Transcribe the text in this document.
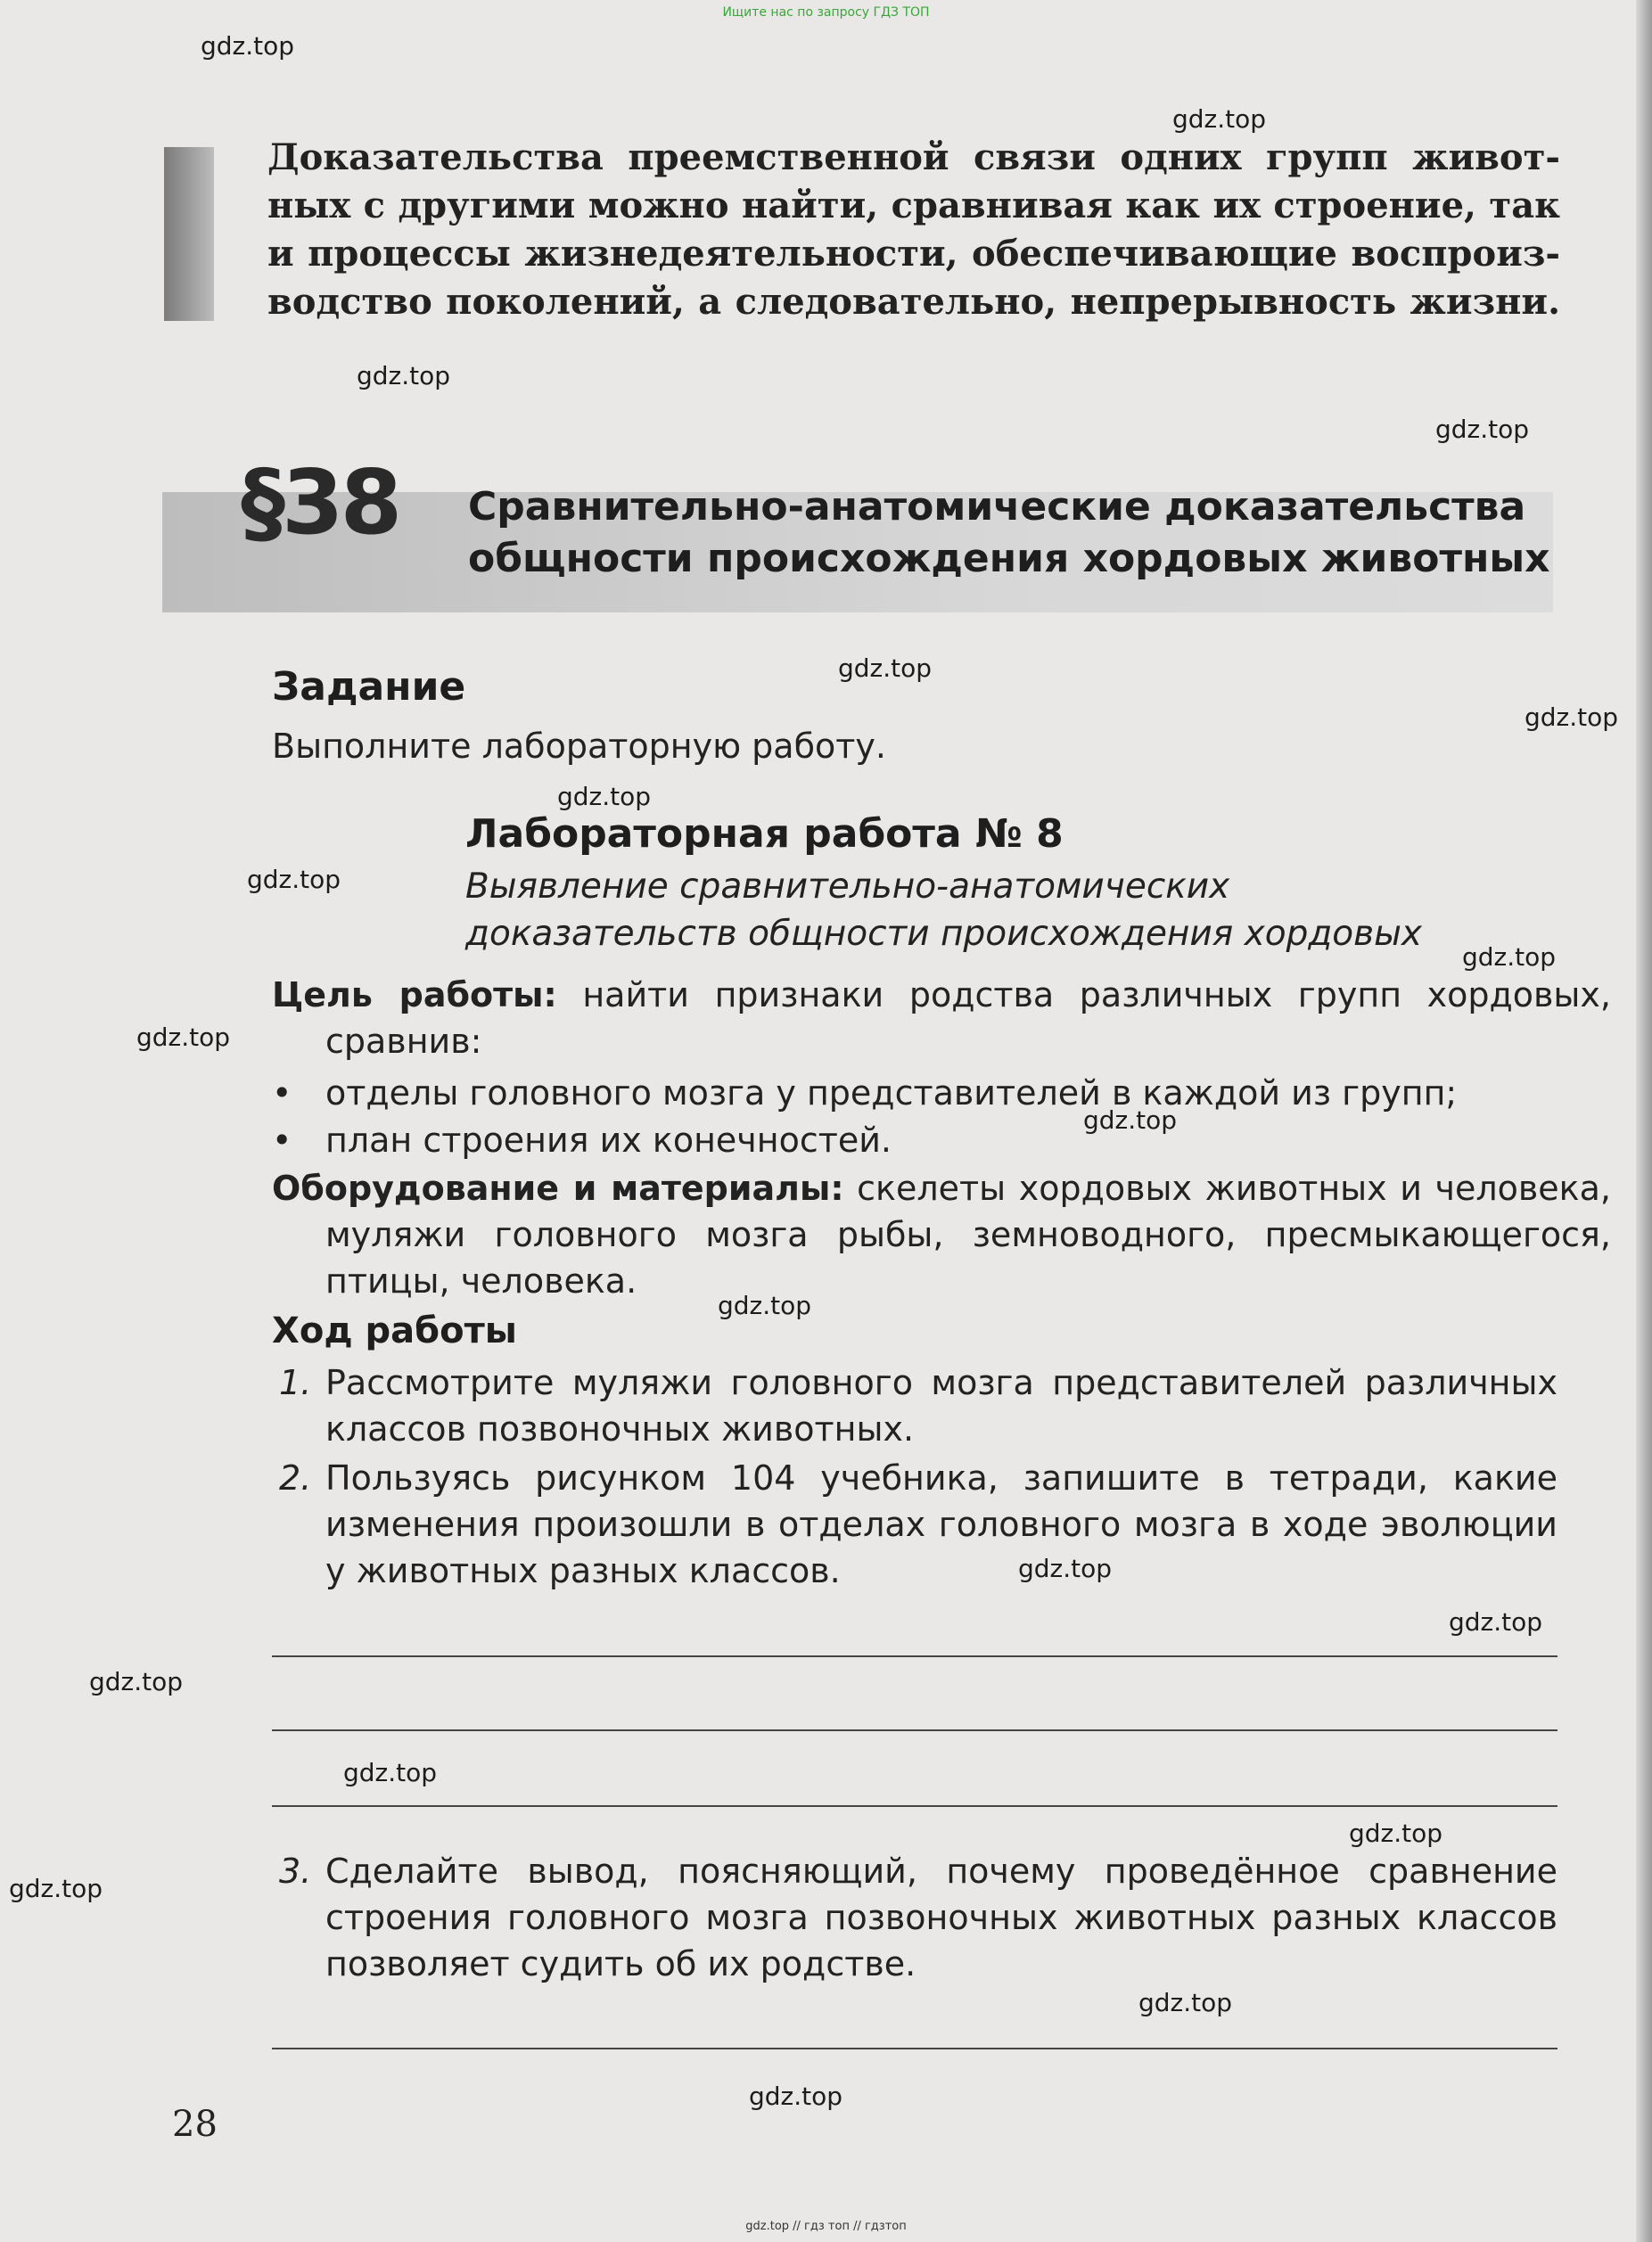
Ищите нас по запросу ГДЗ ТОП
gdz.top
gdz.top
gdz.top
gdz.top
gdz.top
gdz.top
gdz.top
gdz.top
gdz.top
gdz.top
gdz.top
gdz.top
gdz.top
gdz.top
gdz.top
gdz.top
gdz.top
gdz.top
gdz.top
gdz.top
Доказательства преемственной связи одних групп живот-
ных с другими можно найти, сравнивая как их строение, так
и процессы жизнедеятельности, обеспечивающие воспроиз-
водство поколений, а следовательно, непрерывность жизни.
§38 Сравнительно-анатомические доказательства
общности происхождения хордовых животных
Задание
Выполните лабораторную работу.
Лабораторная работа № 8
Выявление сравнительно-анатомических
доказательств общности происхождения хордовых
Цель работы: найти признаки родства различных групп хордовых, сравнив:
• отделы головного мозга у представителей в каждой из групп;
• план строения их конечностей.
Оборудование и материалы: скелеты хордовых животных и человека, муляжи головного мозга рыбы, земноводного, пресмыкающегося, птицы, человека.
Ход работы
1. Рассмотрите муляжи головного мозга представителей различных классов позвоночных животных.
2. Пользуясь рисунком 104 учебника, запишите в тетради, какие изменения произошли в отделах головного мозга в ходе эволюции у животных разных классов.
3. Сделайте вывод, поясняющий, почему проведённое сравнение строения головного мозга позвоночных животных разных классов позволяет судить об их родстве.
28
gdz.top // гдз топ // гдзтоп
